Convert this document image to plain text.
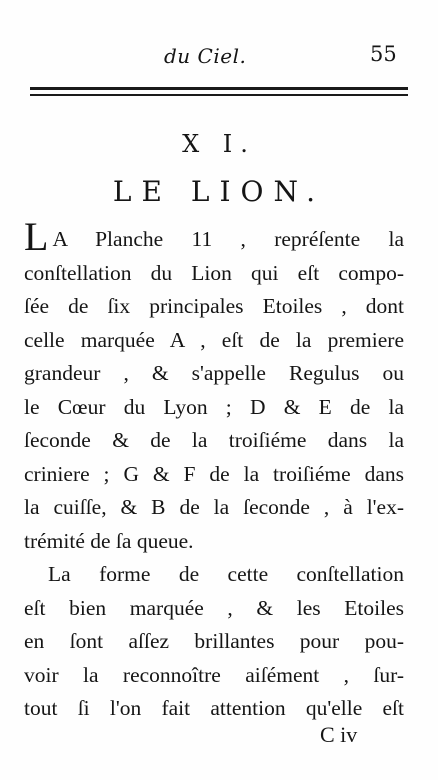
du Ciel.	55
X I.
LE LION.
L A Planche 11 , repréſente la
conſtellation du Lion qui eſt compo-
ſée de ſix principales Etoiles , dont
celle marquée A , eſt de la premiere
grandeur , & s'appelle Regulus ou
le Cœur du Lyon ; D & E de la
ſeconde & de la troiſiéme dans la
criniere ; G & F de la troiſiéme dans
la cuiſſe, & B de la ſeconde , à l'ex-
trémité de ſa queue.
La forme de cette conſtellation
eſt bien marquée , & les Etoiles
en ſont aſſez brillantes pour pou-
voir la reconnoître aiſément , ſur-
tout ſi l'on fait attention qu'elle eſt
C iv
